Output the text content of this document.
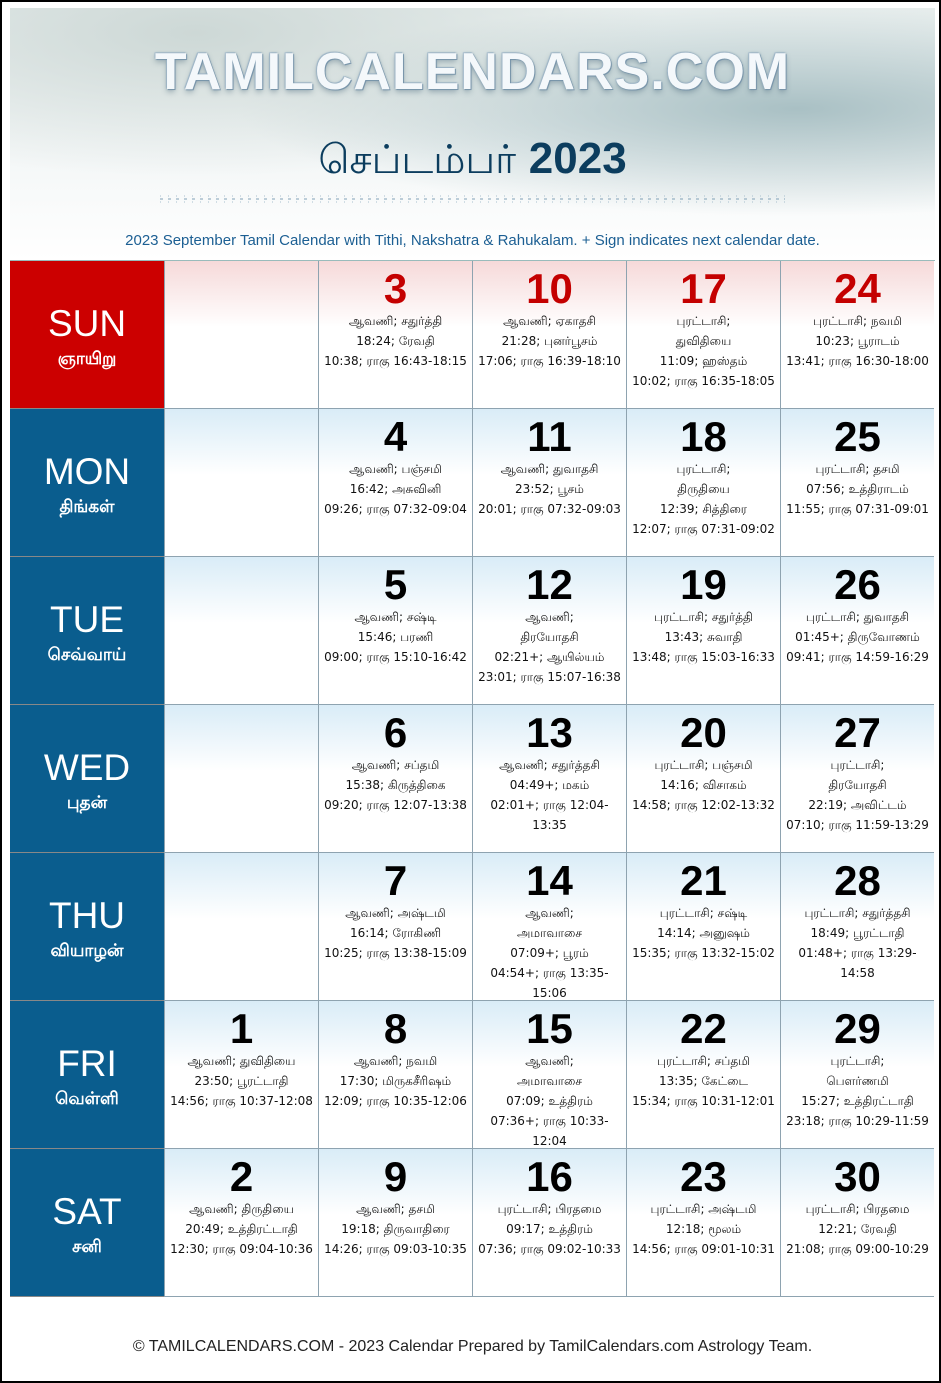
TAMILCALENDARS.COM
செப்டம்பர் 2023
2023 September Tamil Calendar with Tithi, Nakshatra & Rahukalam. + Sign indicates next calendar date.
SUN
ஞாயிறு
3
ஆவணி; சதுர்த்தி
18:24; ரேவதி
10:38; ராகு 16:43-18:15
10
ஆவணி; ஏகாதசி
21:28; புனர்பூசம்
17:06; ராகு 16:39-18:10
17
புரட்டாசி;
துவிதியை
11:09; ஹஸ்தம்
10:02; ராகு 16:35-18:05
24
புரட்டாசி; நவமி
10:23; பூராடம்
13:41; ராகு 16:30-18:00
MON
திங்கள்
4
ஆவணி; பஞ்சமி
16:42; அசுவினி
09:26; ராகு 07:32-09:04
11
ஆவணி; துவாதசி
23:52; பூசம்
20:01; ராகு 07:32-09:03
18
புரட்டாசி;
திருதியை
12:39; சித்திரை
12:07; ராகு 07:31-09:02
25
புரட்டாசி; தசமி
07:56; உத்திராடம்
11:55; ராகு 07:31-09:01
TUE
செவ்வாய்
5
ஆவணி; சஷ்டி
15:46; பரணி
09:00; ராகு 15:10-16:42
12
ஆவணி;
திரயோதசி
02:21+; ஆயில்யம்
23:01; ராகு 15:07-16:38
19
புரட்டாசி; சதுர்த்தி
13:43; சுவாதி
13:48; ராகு 15:03-16:33
26
புரட்டாசி; துவாதசி
01:45+; திருவோணம்
09:41; ராகு 14:59-16:29
WED
புதன்
6
ஆவணி; சப்தமி
15:38; கிருத்திகை
09:20; ராகு 12:07-13:38
13
ஆவணி; சதுர்த்தசி
04:49+; மகம்
02:01+; ராகு 12:04-
13:35
20
புரட்டாசி; பஞ்சமி
14:16; விசாகம்
14:58; ராகு 12:02-13:32
27
புரட்டாசி;
திரயோதசி
22:19; அவிட்டம்
07:10; ராகு 11:59-13:29
THU
வியாழன்
7
ஆவணி; அஷ்டமி
16:14; ரோகிணி
10:25; ராகு 13:38-15:09
14
ஆவணி;
அமாவாசை
07:09+; பூரம்
04:54+; ராகு 13:35-
15:06
21
புரட்டாசி; சஷ்டி
14:14; அனுஷம்
15:35; ராகு 13:32-15:02
28
புரட்டாசி; சதுர்த்தசி
18:49; பூரட்டாதி
01:48+; ராகு 13:29-
14:58
FRI
வெள்ளி
1
ஆவணி; துவிதியை
23:50; பூரட்டாதி
14:56; ராகு 10:37-12:08
8
ஆவணி; நவமி
17:30; மிருகசீரிஷம்
12:09; ராகு 10:35-12:06
15
ஆவணி;
அமாவாசை
07:09; உத்திரம்
07:36+; ராகு 10:33-
12:04
22
புரட்டாசி; சப்தமி
13:35; கேட்டை
15:34; ராகு 10:31-12:01
29
புரட்டாசி;
பௌர்ணமி
15:27; உத்திரட்டாதி
23:18; ராகு 10:29-11:59
SAT
சனி
2
ஆவணி; திருதியை
20:49; உத்திரட்டாதி
12:30; ராகு 09:04-10:36
9
ஆவணி; தசமி
19:18; திருவாதிரை
14:26; ராகு 09:03-10:35
16
புரட்டாசி; பிரதமை
09:17; உத்திரம்
07:36; ராகு 09:02-10:33
23
புரட்டாசி; அஷ்டமி
12:18; மூலம்
14:56; ராகு 09:01-10:31
30
புரட்டாசி; பிரதமை
12:21; ரேவதி
21:08; ராகு 09:00-10:29
© TAMILCALENDARS.COM - 2023 Calendar Prepared by TamilCalendars.com Astrology Team.
